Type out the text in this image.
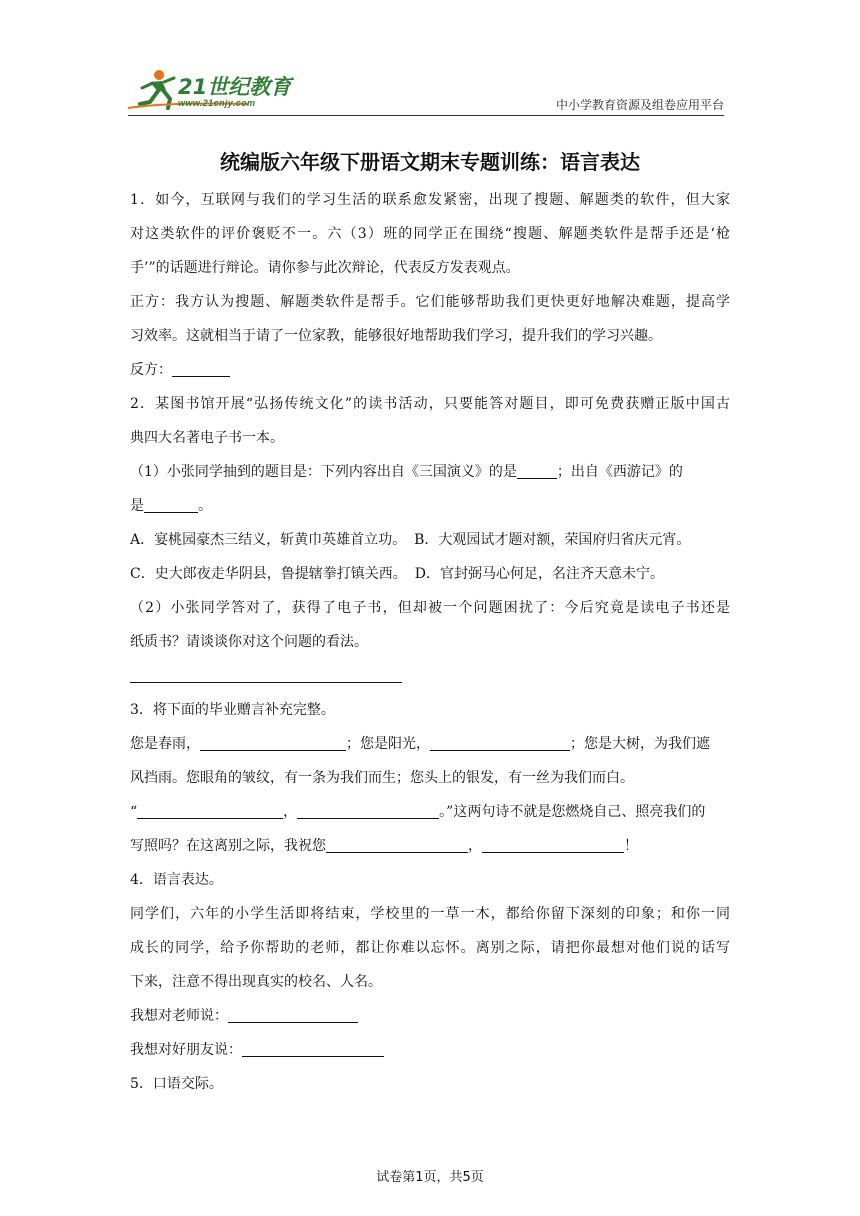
21世纪教育
www.21cnjy.com	中小学教育资源及组卷应用平台
统编版六年级下册语文期末专题训练：语言表达
1．如今，互联网与我们的学习生活的联系愈发紧密，出现了搜题、解题类的软件，但大家
对这类软件的评价褒贬不一。六（3）班的同学正在围绕“搜题、解题类软件是帮手还是‘枪
手’”的话题进行辩论。请你参与此次辩论，代表反方发表观点。
正方：我方认为搜题、解题类软件是帮手。它们能够帮助我们更快更好地解决难题，提高学
习效率。这就相当于请了一位家教，能够很好地帮助我们学习，提升我们的学习兴趣。
反方：
2．某图书馆开展“弘扬传统文化”的读书活动，只要能答对题目，即可免费获赠正版中国古
典四大名著电子书一本。
（1）小张同学抽到的题目是：下列内容出自《三国演义》的是	；出自《西游记》的
是	。
A．宴桃园豪杰三结义，斩黄巾英雄首立功。 B．大观园试才题对额，荣国府归省庆元宵。
C．史大郎夜走华阴县，鲁提辖拳打镇关西。 D．官封弼马心何足，名注齐天意未宁。
（2）小张同学答对了，获得了电子书，但却被一个问题困扰了：今后究竟是读电子书还是
纸质书？请谈谈你对这个问题的看法。
3．将下面的毕业赠言补充完整。
您是春雨，	；您是阳光，	；您是大树，为我们遮
风挡雨。您眼角的皱纹，有一条为我们而生；您头上的银发，有一丝为我们而白。
“	，	。”这两句诗不就是您燃烧自己、照亮我们的
写照吗？在这离别之际，我祝您	，	！
4．语言表达。
同学们，六年的小学生活即将结束，学校里的一草一木，都给你留下深刻的印象；和你一同
成长的同学，给予你帮助的老师，都让你难以忘怀。离别之际，请把你最想对他们说的话写
下来，注意不得出现真实的校名、人名。
我想对老师说：
我想对好朋友说：
5．口语交际。
试卷第1页，共5页
